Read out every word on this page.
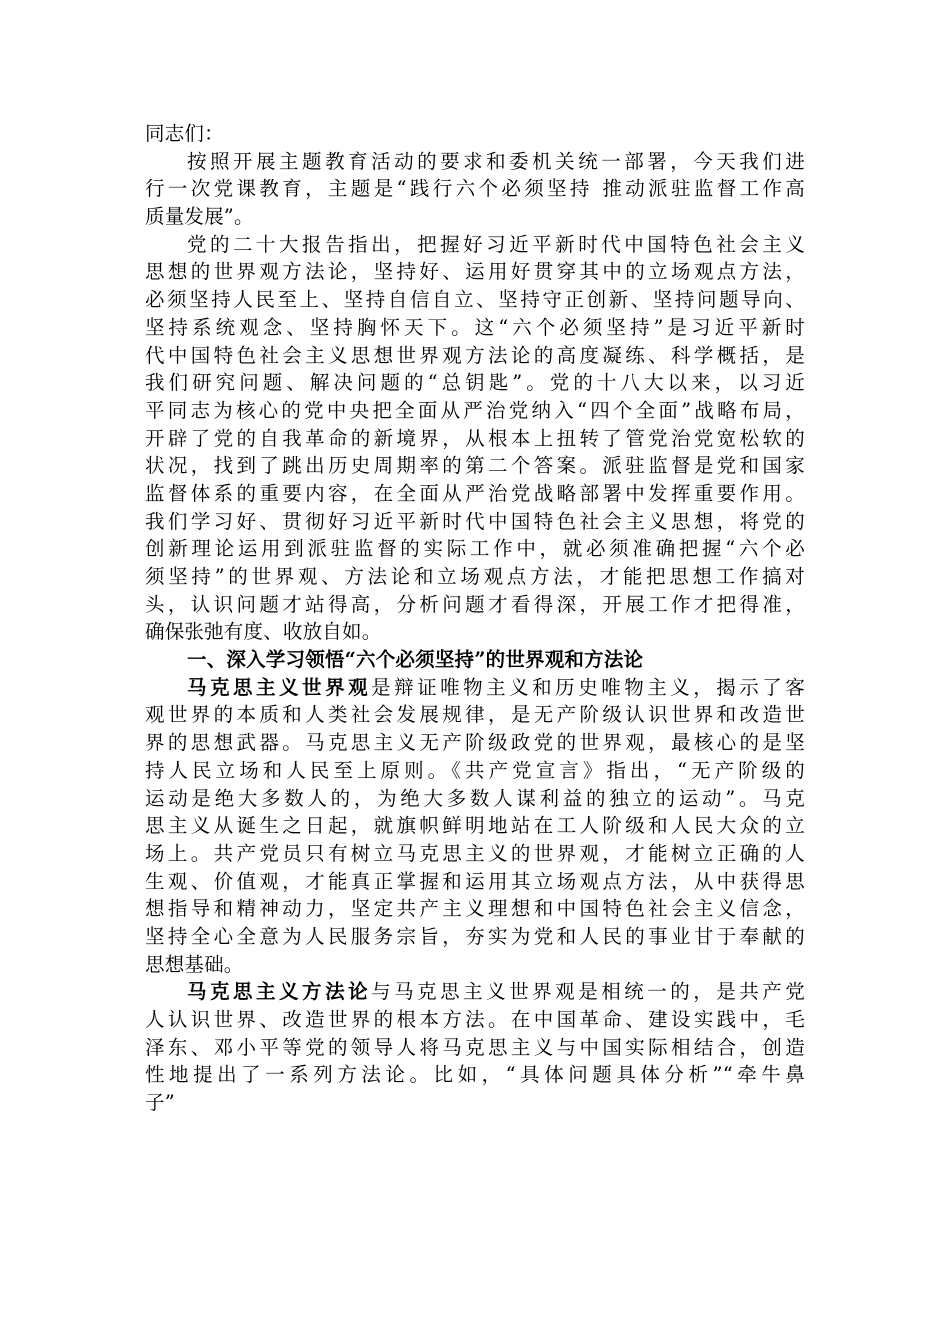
同志们：
按照开展主题教育活动的要求和委机关统一部署，今天我们进
行一次党课教育，主题是“践行六个必须坚持 推动派驻监督工作高
质量发展”。
党的二十大报告指出，把握好习近平新时代中国特色社会主义
思想的世界观方法论，坚持好、运用好贯穿其中的立场观点方法，
必须坚持人民至上、坚持自信自立、坚持守正创新、坚持问题导向、
坚持系统观念、坚持胸怀天下。这“六个必须坚持”是习近平新时
代中国特色社会主义思想世界观方法论的高度凝练、科学概括，是
我们研究问题、解决问题的“总钥匙”。党的十八大以来，以习近
平同志为核心的党中央把全面从严治党纳入“四个全面”战略布局，
开辟了党的自我革命的新境界，从根本上扭转了管党治党宽松软的
状况，找到了跳出历史周期率的第二个答案。派驻监督是党和国家
监督体系的重要内容，在全面从严治党战略部署中发挥重要作用。
我们学习好、贯彻好习近平新时代中国特色社会主义思想，将党的
创新理论运用到派驻监督的实际工作中，就必须准确把握“六个必
须坚持”的世界观、方法论和立场观点方法，才能把思想工作搞对
头，认识问题才站得高，分析问题才看得深，开展工作才把得准，
确保张弛有度、收放自如。
一、深入学习领悟“六个必须坚持”的世界观和方法论
马克思主义世界观是辩证唯物主义和历史唯物主义，揭示了客
观世界的本质和人类社会发展规律，是无产阶级认识世界和改造世
界的思想武器。马克思主义无产阶级政党的世界观，最核心的是坚
持人民立场和人民至上原则。《共产党宣言》指出，“无产阶级的
运动是绝大多数人的，为绝大多数人谋利益的独立的运动”。马克
思主义从诞生之日起，就旗帜鲜明地站在工人阶级和人民大众的立
场上。共产党员只有树立马克思主义的世界观，才能树立正确的人
生观、价值观，才能真正掌握和运用其立场观点方法，从中获得思
想指导和精神动力，坚定共产主义理想和中国特色社会主义信念，
坚持全心全意为人民服务宗旨，夯实为党和人民的事业甘于奉献的
思想基础。
马克思主义方法论与马克思主义世界观是相统一的，是共产党
人认识世界、改造世界的根本方法。在中国革命、建设实践中，毛
泽东、邓小平等党的领导人将马克思主义与中国实际相结合，创造
性地提出了一系列方法论。比如，“具体问题具体分析”“牵牛鼻
子”
